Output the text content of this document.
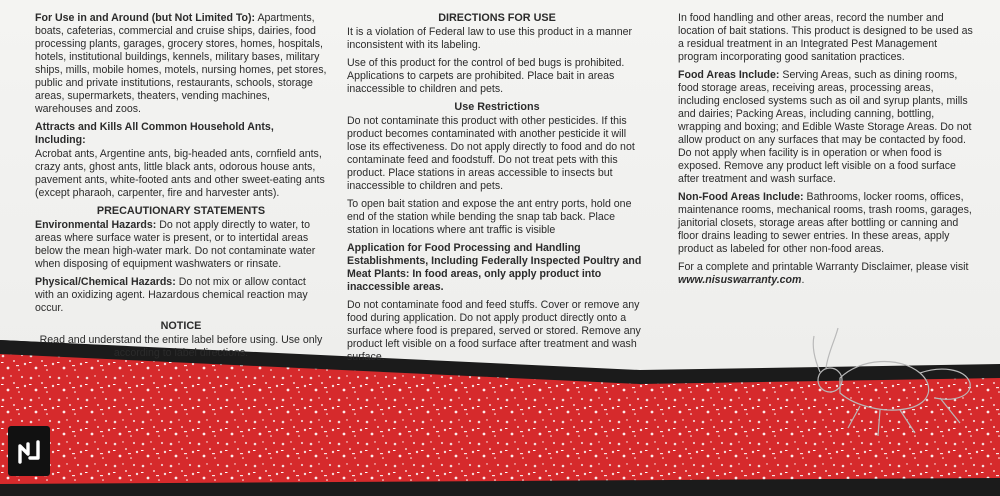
For Use in and Around (but Not Limited To): Apartments, boats, cafeterias, commercial and cruise ships, dairies, food processing plants, garages, grocery stores, homes, hospitals, hotels, institutional buildings, kennels, military bases, military ships, mills, mobile homes, motels, nursing homes, pet stores, public and private institutions, restaurants, schools, storage areas, supermarkets, theaters, vending machines, warehouses and zoos.

Attracts and Kills All Common Household Ants, Including:

Acrobat ants, Argentine ants, big-headed ants, cornfield ants, crazy ants, ghost ants, little black ants, odorous house ants, pavement ants, white-footed ants and other sweet-eating ants (except pharaoh, carpenter, fire and harvester ants).

PRECAUTIONARY STATEMENTS

Environmental Hazards: Do not apply directly to water, to areas where surface water is present, or to intertidal areas below the mean high-water mark. Do not contaminate water when disposing of equipment washwaters or rinsate.

Physical/Chemical Hazards: Do not mix or allow contact with an oxidizing agent. Hazardous chemical reaction may occur.

NOTICE

Read and understand the entire label before using. Use only according to label directions.

DIRECTIONS FOR USE

It is a violation of Federal law to use this product in a manner inconsistent with its labeling.

Use of this product for the control of bed bugs is prohibited. Applications to carpets are prohibited. Place bait in areas inaccessible to children and pets.

Use Restrictions

Do not contaminate this product with other pesticides. If this product becomes contaminated with another pesticide it will lose its effectiveness. Do not apply directly to food and do not contaminate feed and foodstuff. Do not treat pets with this product. Place stations in areas accessible to insects but inaccessible to children and pets.

To open bait station and expose the ant entry ports, hold one end of the station while bending the snap tab back. Place station in locations where ant traffic is visible

Application for Food Processing and Handling Establishments, Including Federally Inspected Poultry and Meat Plants: In food areas, only apply product into inaccessible areas.

Do not contaminate food and feed stuffs. Cover or remove any food during application. Do not apply product directly onto a surface where food is prepared, served or stored. Remove any product left visible on a food surface after treatment and wash surface.

In food handling and other areas, record the number and location of bait stations. This product is designed to be used as a residual treatment in an Integrated Pest Management program incorporating good sanitation practices.

Food Areas Include: Serving Areas, such as dining rooms, food storage areas, receiving areas, processing areas, including enclosed systems such as oil and syrup plants, mills and dairies; Packing Areas, including canning, bottling, wrapping and boxing; and Edible Waste Storage Areas. Do not allow product on any surfaces that may be contacted by food. Do not apply when facility is in operation or when food is exposed. Remove any product left visible on a food surface after treatment and wash surface.

Non-Food Areas Include: Bathrooms, locker rooms, offices, maintenance rooms, mechanical rooms, trash rooms, garages, janitorial closets, storage areas after bottling or canning and floor drains leading to sewer entries. In these areas, apply product as labeled for other non-food areas.

For a complete and printable Warranty Disclaimer, please visit www.nisuswarranty.com.
